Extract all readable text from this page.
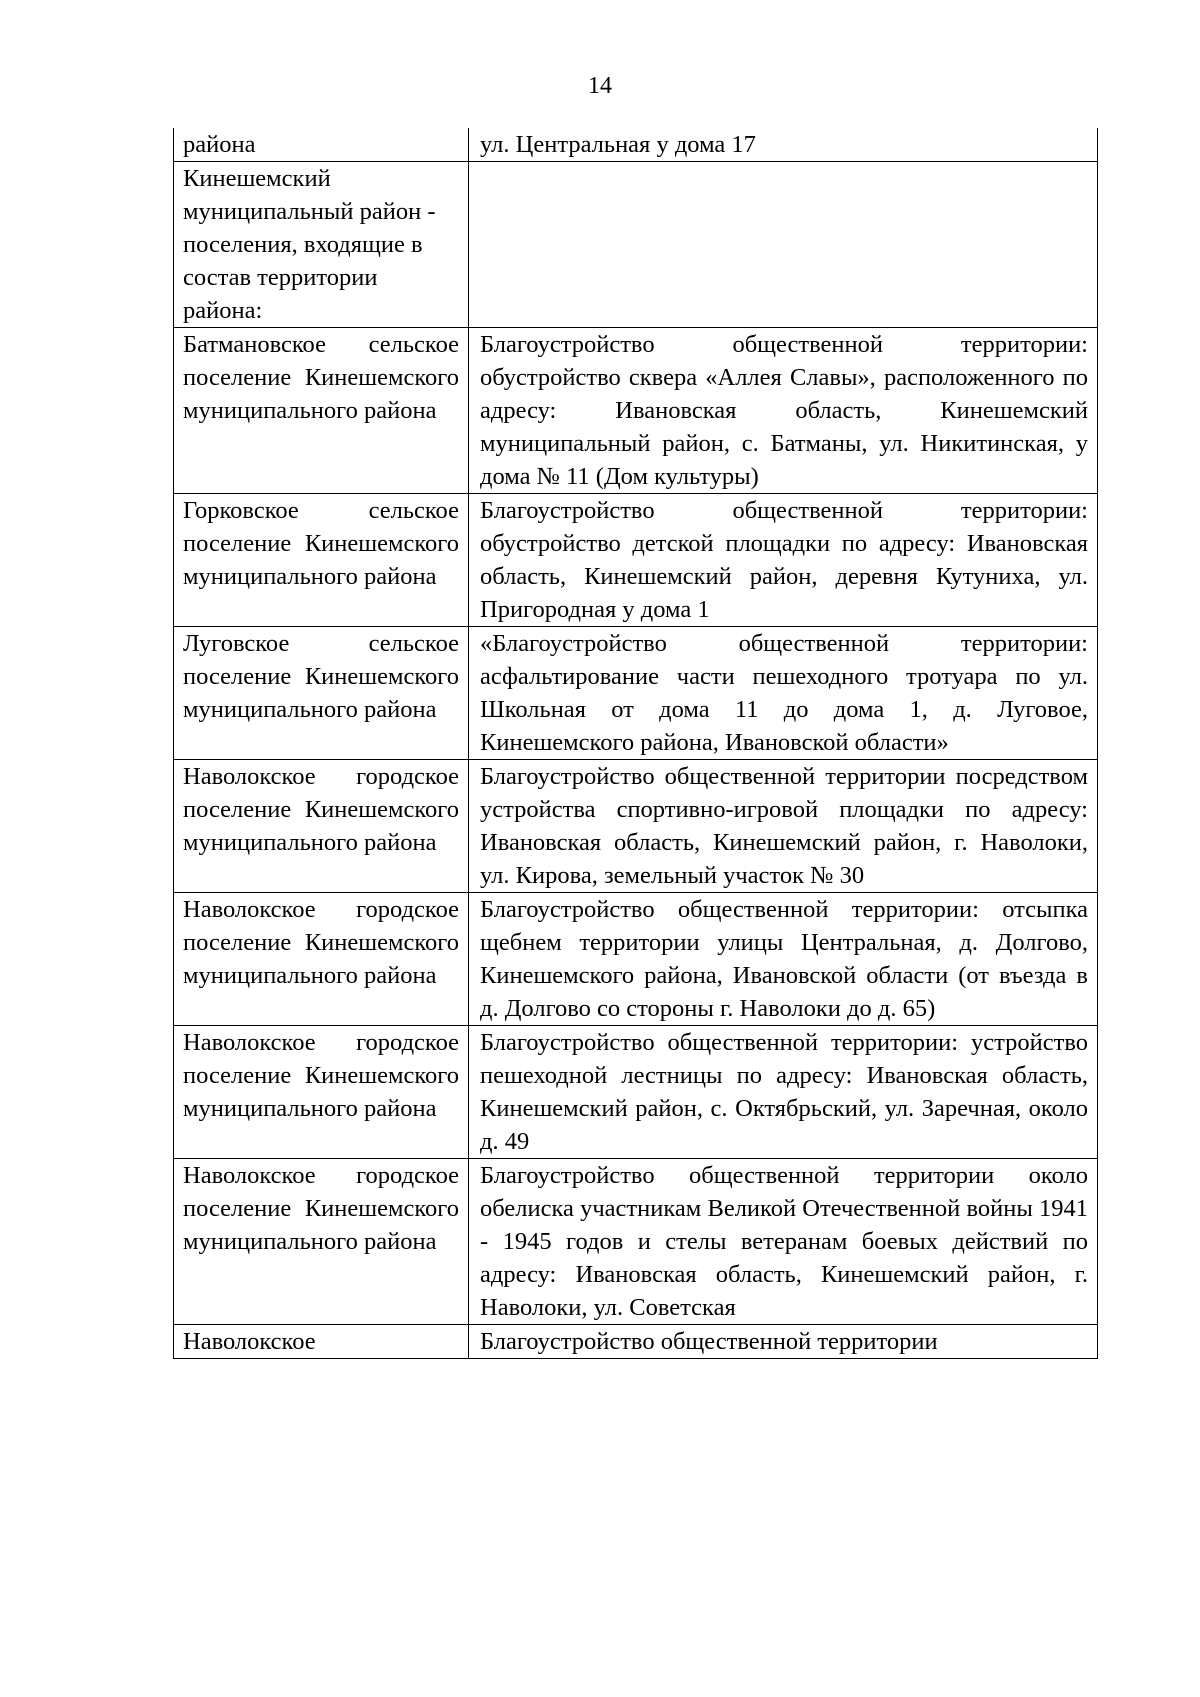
14
района	ул. Центральная у дома 17
Кинешемский муниципальный район - поселения, входящие в состав территории района:	
Батмановское сельское поселение Кинешемского муниципального района	Благоустройство общественной территории: обустройство сквера «Аллея Славы», расположенного по адресу: Ивановская область, Кинешемский муниципальный район, с. Батманы, ул. Никитинская, у дома № 11 (Дом культуры)
Горковское сельское поселение Кинешемского муниципального района	Благоустройство общественной территории: обустройство детской площадки по адресу: Ивановская область, Кинешемский район, деревня Кутуниха, ул. Пригородная у дома 1
Луговское сельское поселение Кинешемского муниципального района	«Благоустройство общественной территории: асфальтирование части пешеходного тротуара по ул. Школьная от дома 11 до дома 1, д. Луговое, Кинешемского района, Ивановской области»
Наволокское городское поселение Кинешемского муниципального района	Благоустройство общественной территории посредством устройства спортивно-игровой площадки по адресу: Ивановская область, Кинешемский район, г. Наволоки, ул. Кирова, земельный участок № 30
Наволокское городское поселение Кинешемского муниципального района	Благоустройство общественной территории: отсыпка щебнем территории улицы Центральная, д. Долгово, Кинешемского района, Ивановской области (от въезда в д. Долгово со стороны г. Наволоки до д. 65)
Наволокское городское поселение Кинешемского муниципального района	Благоустройство общественной территории: устройство пешеходной лестницы по адресу: Ивановская область, Кинешемский район, с. Октябрьский, ул. Заречная, около д. 49
Наволокское городское поселение Кинешемского муниципального района	Благоустройство общественной территории около обелиска участникам Великой Отечественной войны 1941 - 1945 годов и стелы ветеранам боевых действий по адресу: Ивановская область, Кинешемский район, г. Наволоки, ул. Советская
Наволокское	Благоустройство общественной территории
